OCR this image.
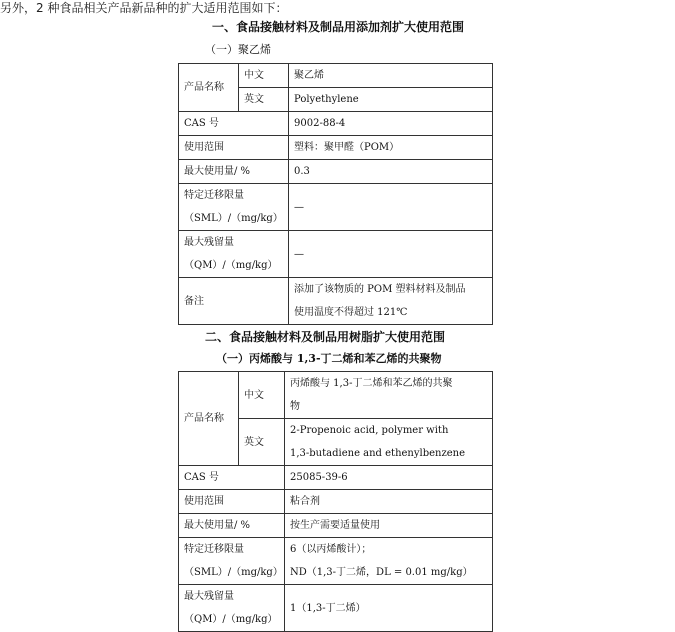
另外，2 种食品相关产品新品种的扩大适用范围如下：
一、食品接触材料及制品用添加剂扩大使用范围
（一）聚乙烯
产品名称	中文	聚乙烯
	英文	Polyethylene
CAS 号		9002-88-4
使用范围		塑料：聚甲醛（POM）
最大使用量/ %		0.3

特定迁移限量
（SML）/（mg/kg）		—

最大残留量
（QM）/（mg/kg）		—
备注		添加了该物质的 POM 塑料材料及制品
使用温度不得超过 121℃
二、食品接触材料及制品用树脂扩大使用范围
（一）丙烯酸与 1,3-丁二烯和苯乙烯的共聚物
产品名称	中文	丙烯酸与 1,3-丁二烯和苯乙烯的共聚
物

	英文	2-Propenoic acid, polymer with
1,3-butadiene and ethenylbenzene

CAS 号		25085-39-6
使用范围		粘合剂
最大使用量/ %		按生产需要适量使用

特定迁移限量
（SML）/（mg/kg）		6（以丙烯酸计）；
ND（1,3-丁二烯，DL = 0.01 mg/kg）

最大残留量
（QM）/（mg/kg）		1（1,3-丁二烯）
